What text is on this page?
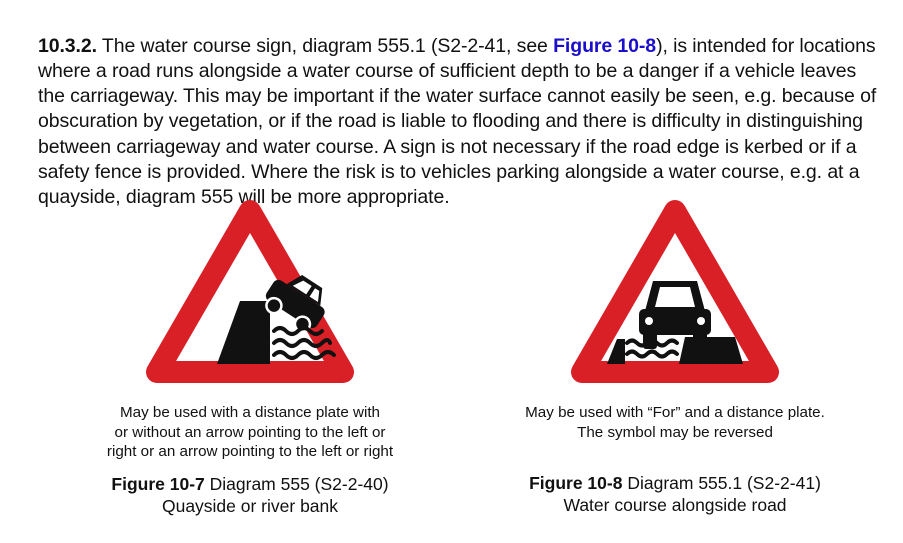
10.3.2. The water course sign, diagram 555.1 (S2-2-41, see Figure 10-8), is intended for locations where a road runs alongside a water course of sufficient depth to be a danger if a vehicle leaves the carriageway. This may be important if the water surface cannot easily be seen, e.g. because of obscuration by vegetation, or if the road is liable to flooding and there is difficulty in distinguishing between carriageway and water course. A sign is not necessary if the road edge is kerbed or if a safety fence is provided. Where the risk is to vehicles parking alongside a water course, e.g. at a quayside, diagram 555 will be more appropriate.

May be used with a distance plate with
or without an arrow pointing to the left or
right or an arrow pointing to the left or right
Figure 10-7 Diagram 555 (S2-2-40)
Quayside or river bank
May be used with “For” and a distance plate.
The symbol may be reversed
Figure 10-8 Diagram 555.1 (S2-2-41)
Water course alongside road
